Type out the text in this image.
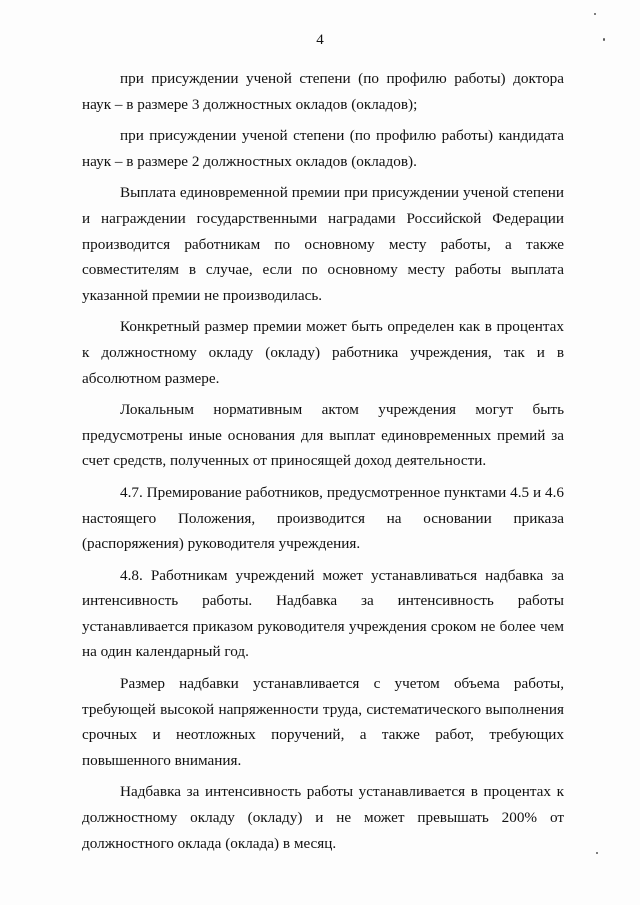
4

при присуждении ученой степени (по профилю работы) доктора наук – в размере 3 должностных окладов (окладов);

при присуждении ученой степени (по профилю работы) кандидата наук – в размере 2 должностных окладов (окладов).

Выплата единовременной премии при присуждении ученой степени и награждении государственными наградами Российской Федерации производится работникам по основному месту работы, а также совместителям в случае, если по основному месту работы выплата указанной премии не производилась.

Конкретный размер премии может быть определен как в процентах к должностному окладу (окладу) работника учреждения, так и в абсолютном размере.

Локальным нормативным актом учреждения могут быть предусмотрены иные основания для выплат единовременных премий за счет средств, полученных от приносящей доход деятельности.

4.7. Премирование работников, предусмотренное пунктами 4.5 и 4.6 настоящего Положения, производится на основании приказа (распоряжения) руководителя учреждения.

4.8. Работникам учреждений может устанавливаться надбавка за интенсивность работы. Надбавка за интенсивность работы устанавливается приказом руководителя учреждения сроком не более чем на один календарный год.

Размер надбавки устанавливается с учетом объема работы, требующей высокой напряженности труда, систематического выполнения срочных и неотложных поручений, а также работ, требующих повышенного внимания.

Надбавка за интенсивность работы устанавливается в процентах к должностному окладу (окладу) и не может превышать 200% от должностного оклада (оклада) в месяц.
